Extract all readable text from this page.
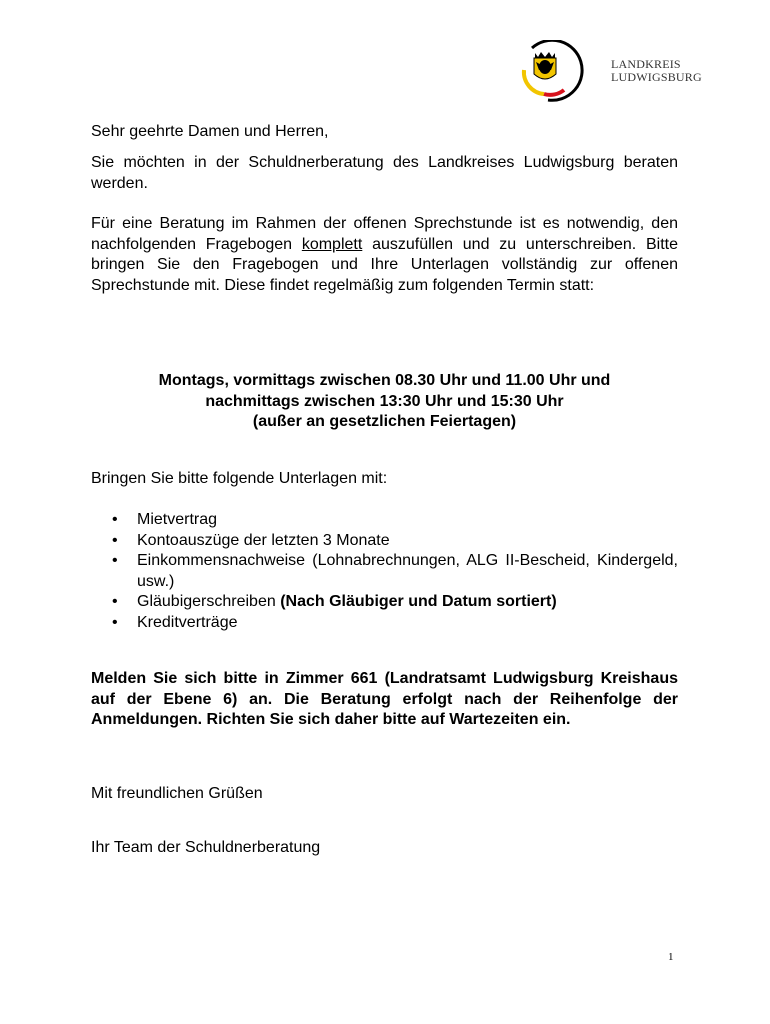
LANDKREIS
LUDWIGSBURG
Sehr geehrte Damen und Herren,
Sie möchten in der Schuldnerberatung des Landkreises Ludwigsburg beraten werden.
Für eine Beratung im Rahmen der offenen Sprechstunde ist es notwendig, den nachfolgenden Fragebogen komplett auszufüllen und zu unterschreiben. Bitte bringen Sie den Fragebogen und Ihre Unterlagen vollständig zur offenen Sprechstunde mit. Diese findet regelmäßig zum folgenden Termin statt:
Montags, vormittags zwischen 08.30 Uhr und 11.00 Uhr und
nachmittags zwischen 13:30 Uhr und 15:30 Uhr
(außer an gesetzlichen Feiertagen)
Bringen Sie bitte folgende Unterlagen mit:
• Mietvertrag
• Kontoauszüge der letzten 3 Monate
• Einkommensnachweise (Lohnabrechnungen, ALG II-Bescheid, Kindergeld, usw.)
• Gläubigerschreiben (Nach Gläubiger und Datum sortiert)
• Kreditverträge
Melden Sie sich bitte in Zimmer 661 (Landratsamt Ludwigsburg Kreishaus auf der Ebene 6) an. Die Beratung erfolgt nach der Reihenfolge der Anmeldungen. Richten Sie sich daher bitte auf Wartezeiten ein.
Mit freundlichen Grüßen
Ihr Team der Schuldnerberatung
1
